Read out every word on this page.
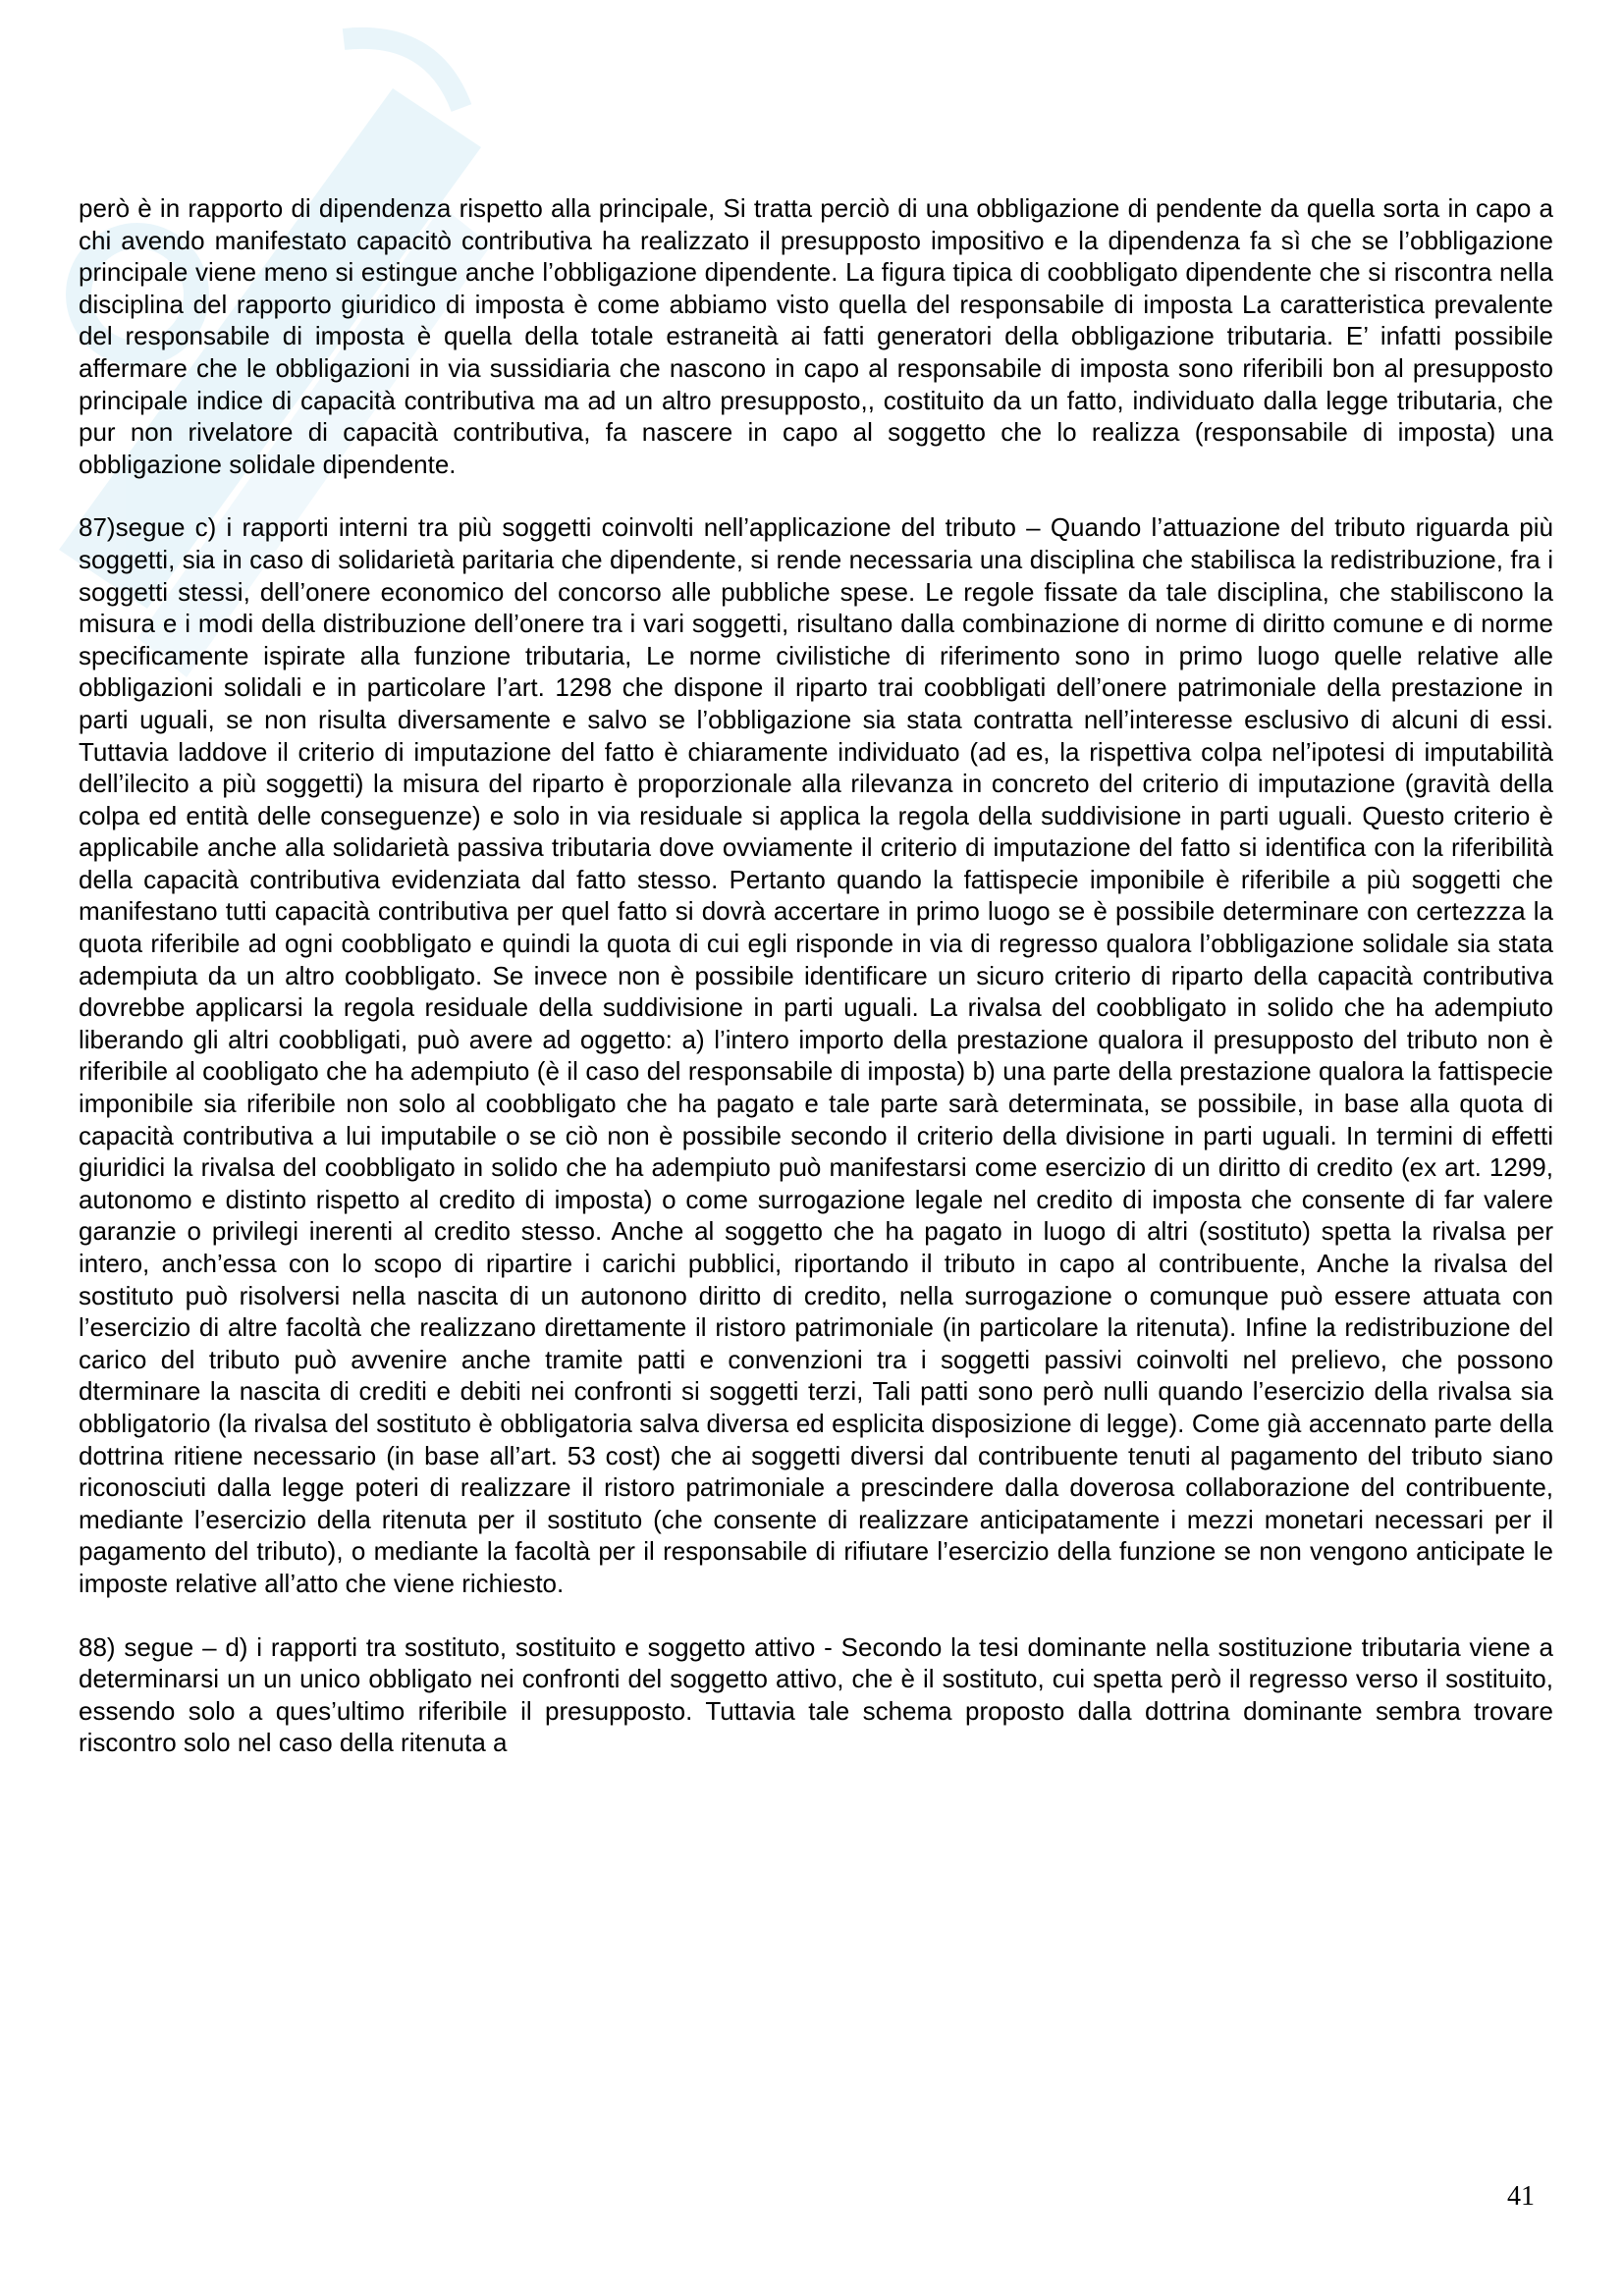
però è in rapporto di dipendenza rispetto alla principale, Si tratta perciò di una obbligazione di pendente da quella sorta in capo a chi avendo manifestato capacitò contributiva ha realizzato il presupposto impositivo e la dipendenza fa sì che se l’obbligazione principale viene meno si estingue anche l’obbligazione dipendente. La figura tipica di coobbligato dipendente che si riscontra nella disciplina del rapporto giuridico di imposta è come abbiamo visto quella del responsabile di imposta La caratteristica prevalente del responsabile di imposta è quella della totale estraneità ai fatti generatori della obbligazione tributaria. E’ infatti possibile affermare che le obbligazioni in via sussidiaria che nascono in capo al responsabile di imposta sono riferibili bon al presupposto principale indice di capacità contributiva ma ad un altro presupposto,, costituito da un fatto, individuato dalla legge tributaria, che pur non rivelatore di capacità contributiva, fa nascere in capo al soggetto che lo realizza (responsabile di imposta) una obbligazione solidale dipendente.

87)segue c) i rapporti interni tra più soggetti coinvolti nell’applicazione del tributo – Quando l’attuazione del tributo riguarda più soggetti, sia in caso di solidarietà paritaria che dipendente, si rende necessaria una disciplina che stabilisca la redistribuzione, fra i soggetti stessi, dell’onere economico del concorso alle pubbliche spese. Le regole fissate da tale disciplina, che stabiliscono la misura e i modi della distribuzione dell’onere tra i vari soggetti, risultano dalla combinazione di norme di diritto comune e di norme specificamente ispirate alla funzione tributaria, Le norme civilistiche di riferimento sono in primo luogo quelle relative alle obbligazioni solidali e in particolare l’art. 1298 che dispone il riparto trai coobbligati dell’onere patrimoniale della prestazione in parti uguali, se non risulta diversamente e salvo se l’obbligazione sia stata contratta nell’interesse esclusivo di alcuni di essi. Tuttavia laddove il criterio di imputazione del fatto è chiaramente individuato (ad es, la rispettiva colpa nel’ipotesi di imputabilità dell’ilecito a più soggetti) la misura del riparto è proporzionale alla rilevanza in concreto del criterio di imputazione (gravità della colpa ed entità delle conseguenze) e solo in via residuale si applica la regola della suddivisione in parti uguali. Questo criterio è applicabile anche alla solidarietà passiva tributaria dove ovviamente il criterio di imputazione del fatto si identifica con la riferibilità della capacità contributiva evidenziata dal fatto stesso. Pertanto quando la fattispecie imponibile è riferibile a più soggetti che manifestano tutti capacità contributiva per quel fatto si dovrà accertare in primo luogo se è possibile determinare con certezzza la quota riferibile ad ogni coobbligato e quindi la quota di cui egli risponde in via di regresso qualora l’obbligazione solidale sia stata adempiuta da un altro coobbligato. Se invece non è possibile identificare un sicuro criterio di riparto della capacità contributiva dovrebbe applicarsi la regola residuale della suddivisione in parti uguali. La rivalsa del coobbligato in solido che ha adempiuto liberando gli altri coobbligati, può avere ad oggetto: a) l’intero importo della prestazione qualora il presupposto del tributo non è riferibile al coobligato che ha adempiuto (è il caso del responsabile di imposta) b) una parte della prestazione qualora la fattispecie imponibile sia riferibile non solo al coobbligato che ha pagato e tale parte sarà determinata, se possibile, in base alla quota di capacità contributiva a lui imputabile o se ciò non è possibile secondo il criterio della divisione in parti uguali. In termini di effetti giuridici la rivalsa del coobbligato in solido che ha adempiuto può manifestarsi come esercizio di un diritto di credito (ex art. 1299, autonomo e distinto rispetto al credito di imposta) o come surrogazione legale nel credito di imposta che consente di far valere garanzie o privilegi inerenti al credito stesso. Anche al soggetto che ha pagato in luogo di altri (sostituto) spetta la rivalsa per intero, anch’essa con lo scopo di ripartire i carichi pubblici, riportando il tributo in capo al contribuente, Anche la rivalsa del sostituto può risolversi nella nascita di un autonono diritto di credito, nella surrogazione o comunque può essere attuata con l’esercizio di altre facoltà che realizzano direttamente il ristoro patrimoniale (in particolare la ritenuta). Infine la redistribuzione del carico del tributo può avvenire anche tramite patti e convenzioni tra i soggetti passivi coinvolti nel prelievo, che possono dterminare la nascita di crediti e debiti nei confronti si soggetti terzi, Tali patti sono però nulli quando l’esercizio della rivalsa sia obbligatorio (la rivalsa del sostituto è obbligatoria salva diversa ed esplicita disposizione di legge). Come già accennato parte della dottrina ritiene necessario (in base all’art. 53 cost) che ai soggetti diversi dal contribuente tenuti al pagamento del tributo siano riconosciuti dalla legge poteri di realizzare il ristoro patrimoniale a prescindere dalla doverosa collaborazione del contribuente, mediante l’esercizio della ritenuta per il sostituto (che consente di realizzare anticipatamente i mezzi monetari necessari per il pagamento del tributo), o mediante la facoltà per il responsabile di rifiutare l’esercizio della funzione se non vengono anticipate le imposte relative all’atto che viene richiesto.

88) segue – d) i rapporti tra sostituto, sostituito e soggetto attivo - Secondo la tesi dominante nella sostituzione tributaria viene a determinarsi un un unico obbligato nei confronti del soggetto attivo, che è il sostituto, cui spetta però il regresso verso il sostituito, essendo solo a ques’ultimo riferibile il presupposto. Tuttavia tale schema proposto dalla dottrina dominante sembra trovare riscontro solo nel caso della ritenuta a

41
